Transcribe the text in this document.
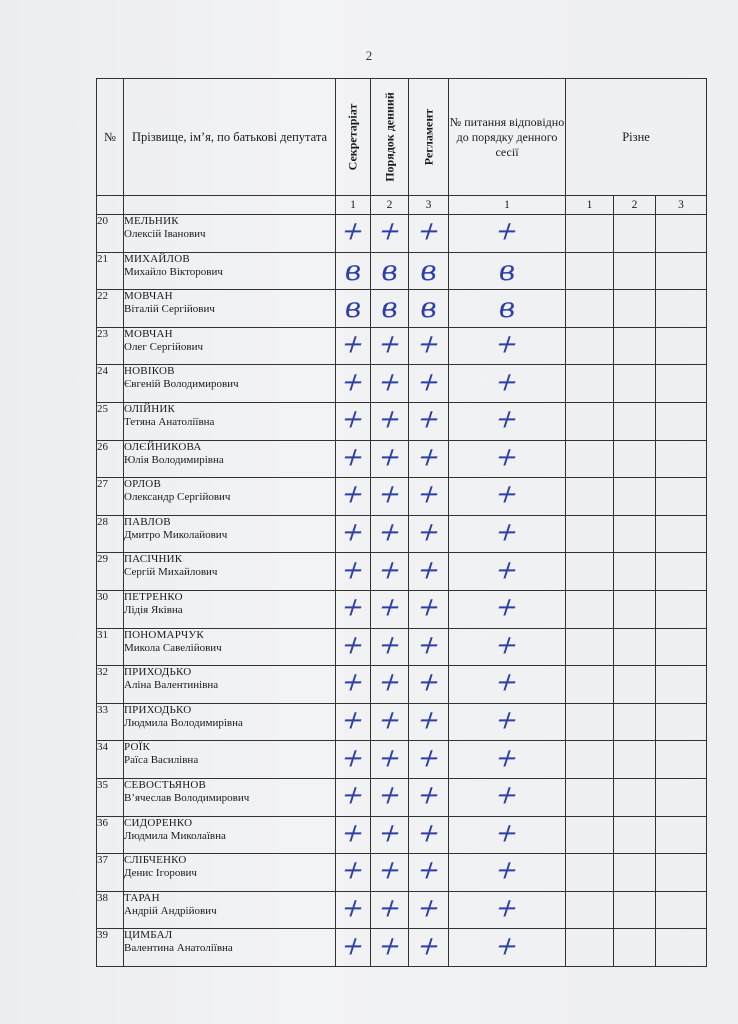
2
№	Прізвище, ім’я, по батькові депутата	Секретаріат	Порядок денний	Регламент	№ питання відповідно до порядку денного сесії	Різне		
		1	2	3	1	1	2	3
20	МЕЛЬНИК
Олексій Іванович	+	+	+	+			

21	МИХАЙЛОВ
Михайло Вікторович	в	в	в	в			

22	МОВЧАН
Віталій Сергійович	в	в	в	в			

23	МОВЧАН
Олег Сергійович	+	+	+	+			

24	НОВІКОВ
Євгеній Володимирович	+	+	+	+			

25	ОЛІЙНИК
Тетяна Анатоліївна	+	+	+	+			

26	ОЛЄЙНИКОВА
Юлія Володимирівна	+	+	+	+			

27	ОРЛОВ
Олександр Сергійович	+	+	+	+			

28	ПАВЛОВ
Дмитро Миколайович	+	+	+	+			

29	ПАСІЧНИК
Сергій Михайлович	+	+	+	+			

30	ПЕТРЕНКО
Лідія Яківна	+	+	+	+			

31	ПОНОМАРЧУК
Микола Савелійович	+	+	+	+			

32	ПРИХОДЬКО
Аліна Валентинівна	+	+	+	+			

33	ПРИХОДЬКО
Людмила Володимирівна	+	+	+	+			

34	РОЇК
Раїса Василівна	+	+	+	+			

35	СЕВОСТЬЯНОВ
В’ячеслав Володимирович	+	+	+	+			

36	СИДОРЕНКО
Людмила Миколаївна	+	+	+	+			

37	СЛІБЧЕНКО
Денис Ігорович	+	+	+	+			

38	ТАРАН
Андрій Андрійович	+	+	+	+			

39	ЦИМБАЛ
Валентина Анатоліївна	+	+	+	+			
